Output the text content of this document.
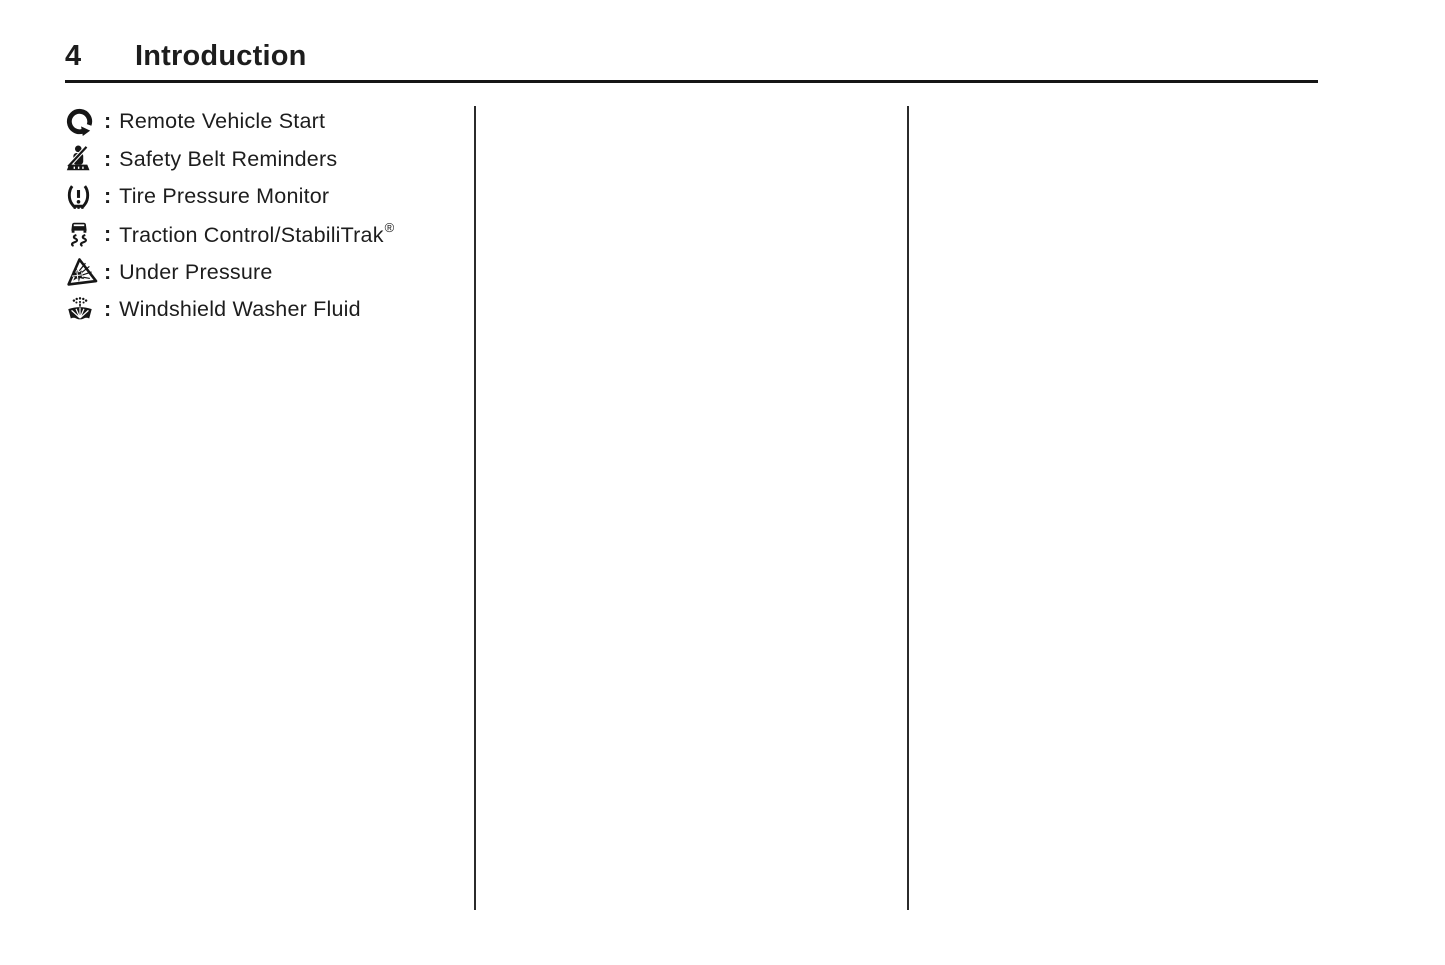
4	Introduction
: Remote Vehicle Start
: Safety Belt Reminders
: Tire Pressure Monitor
: Traction Control/StabiliTrak®
: Under Pressure
: Windshield Washer Fluid
